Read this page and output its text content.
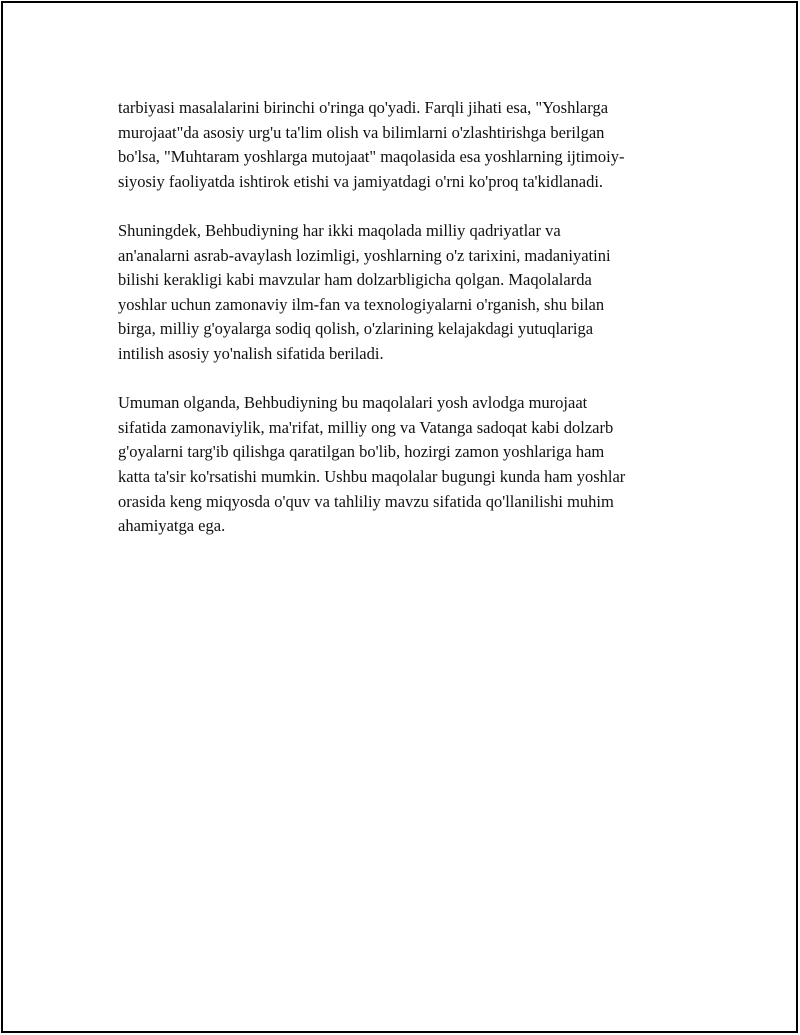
tarbiyasi masalalarini birinchi o'ringa qo'yadi. Farqli jihati esa, "Yoshlarga
murojaat"da asosiy urg'u ta'lim olish va bilimlarni o'zlashtirishga berilgan
bo'lsa, "Muhtaram yoshlarga mutojaat" maqolasida esa yoshlarning ijtimoiy-
siyosiy faoliyatda ishtirok etishi va jamiyatdagi o'rni ko'proq ta'kidlanadi.

Shuningdek, Behbudiyning har ikki maqolada milliy qadriyatlar va
an'analarni asrab-avaylash lozimligi, yoshlarning o'z tarixini, madaniyatini
bilishi kerakligi kabi mavzular ham dolzarbligicha qolgan. Maqolalarda
yoshlar uchun zamonaviy ilm-fan va texnologiyalarni o'rganish, shu bilan
birga, milliy g'oyalarga sodiq qolish, o'zlarining kelajakdagi yutuqlariga
intilish asosiy yo'nalish sifatida beriladi.

Umuman olganda, Behbudiyning bu maqolalari yosh avlodga murojaat
sifatida zamonaviylik, ma'rifat, milliy ong va Vatanga sadoqat kabi dolzarb
g'oyalarni targ'ib qilishga qaratilgan bo'lib, hozirgi zamon yoshlariga ham
katta ta'sir ko'rsatishi mumkin. Ushbu maqolalar bugungi kunda ham yoshlar
orasida keng miqyosda o'quv va tahliliy mavzu sifatida qo'llanilishi muhim
ahamiyatga ega.
